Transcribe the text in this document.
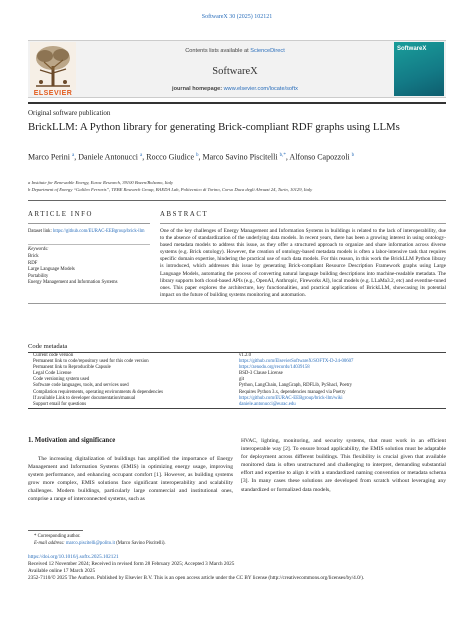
SoftwareX 30 (2025) 102121
ELSEVIER
Contents lists available at ScienceDirect
SoftwareX
journal homepage: www.elsevier.com/locate/softx
SoftwareX
Original software publication
BrickLLM: A Python library for generating Brick-compliant RDF graphs using LLMs
Marco Perini $^a$, Daniele Antonucci $^a$, Rocco Giudice $^b$, Marco Savino Piscitelli $^{b,*}$, Alfonso Capozzoli $^b$
a Institute for Renewable Energy, Eurac Research, 39100 Bozen/Bolzano, Italy
b Department of Energy “Galileo Ferraris”, TEBE Research Group, BAEDA Lab, Politecnico di Torino, Corso Duca degli Abruzzi 24, Turin, 10129, Italy
ARTICLE INFO	ABSTRACT
Dataset link: https://github.com/EURAC-EEBgroup/brick-llm
Keywords:
Brick
RDF
Large Language Models
Portability
Energy Management and Information Systems
One of the key challenges of Energy Management and Information Systems in buildings is related to the lack of interoperability, due to the absence of standardization of the underlying data models. In recent years, there has been a growing interest in using ontology-based metadata models to address this issue, as they offer a structured approach to organize and share information across diverse systems (e.g. Brick ontology). However, the creation of ontology-based metadata models is often a labor-intensive task that requires specific domain expertise, hindering the practical use of such data models. For this reason, in this work the BrickLLM Python library is introduced, which addresses this issue by generating Brick-compliant Resource Description Framework graphs using Large Language Models, automating the process of converting natural language building descriptions into machine-readable metadata. The library supports both cloud-based APIs (e.g., OpenAI, Anthropic, Fireworks AI), local models (e.g. LLaMa3.2, etc) and eventlne-tuned ones. This paper explores the architecture, key functionalities, and practical applications of BrickLLM, showcasing its potential impact on the future of building systems monitoring and automation.
Code metadata
Current code version	v1.2.0
Permanent link to code/repository used for this code version	https://github.com/ElsevierSoftwareX/SOFTX-D-24-00607
Permanent link to Reproducible Capsule	https://zenodo.org/records/14039158
Legal Code License	BSD-3 Clause License
Code versioning system used	git
Software code languages, tools, and services used	Python, LangChain, LangGraph, RDFLib, PyShacl, Poetry
Compilation requirements, operating environments & dependencies	Requires Python 3.x, dependencies managed via Poetry
If available Link to developer documentation/manual	https://github.com/EURAC-EEBgroup/brick-llm/wiki
Support email for questions	daniele.antonucci@eurac.edu
1. Motivation and significance
The increasing digitalization of buildings has amplified the importance of Energy Management and Information Systems (EMIS) in optimizing energy usage, improving system performance, and enhancing occupant comfort [1]. However, as building systems grow more complex, EMIS solutions face significant interoperability and scalability challenges. Modern buildings, particularly large commercial and institutional ones, comprise a range of interconnected systems, such as
HVAC, lighting, monitoring, and security systems, that must work in an efficient interoperable way [2]. To ensure broad applicability, the EMIS solution must be adaptable for deployment across different buildings. This flexibility is crucial given that available monitored data is often unstructured and challenging to interpret, demanding substantial effort and expertise to align it with a standardized naming convention or metadata schema [3]. In many cases these solutions are developed from scratch without leveraging any standardized or formalized data models,
* Corresponding author.
E-mail address: marco.piscitelli@polito.it (Marco Savino Piscitelli).
https://doi.org/10.1016/j.softx.2025.102121
Received 12 November 2024; Received in revised form 28 February 2025; Accepted 3 March 2025
Available online 17 March 2025
2352-7110/© 2025 The Authors. Published by Elsevier B.V. This is an open access article under the CC BY license (http://creativecommons.org/licenses/by/4.0/).
